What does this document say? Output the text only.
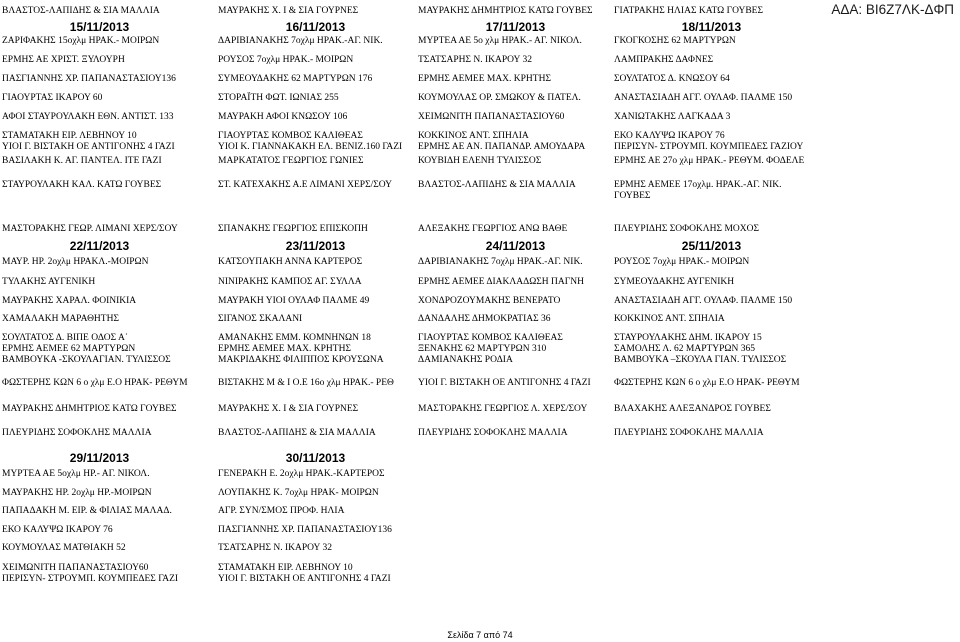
ΑΔΑ: ΒΙ6Ζ7ΛΚ-ΔΦΠ
ΒΛΑΣΤΟΣ-ΛΑΠΙΔΗΣ & ΣΙΑ ΜΑΛΛΙΑ
15/11/2013
ΖΑΡΙΦΑΚΗΣ 15οχλμ ΗΡΑΚ.- ΜΟΙΡΩΝ
ΕΡΜΗΣ ΑΕ ΧΡΙΣΤ. ΞΥΛΟΥΡΗ
ΠΑΣΓΙΑΝΝΗΣ ΧΡ. ΠΑΠΑΝΑΣΤΑΣΙΟΥ136
ΓΙΑΟΥΡΤΑΣ ΙΚΑΡΟΥ 60
ΑΦΟΙ ΣΤΑΥΡΟΥΛΑΚΗ ΕΘΝ. ΑΝΤΙΣΤ. 133
ΣΤΑΜΑΤΑΚΗ ΕΙΡ. ΛΕΒΗΝΟΥ 10
ΥΙΟΙ Γ. ΒΙΣΤΑΚΗ ΟΕ ΑΝΤΙΓΟΝΗΣ 4 ΓΑΖΙ
ΒΑΣΙΛΑΚΗ Κ. ΑΓ. ΠΑΝΤΕΛ. ΙΤΕ ΓΑΖΙ
ΣΤΑΥΡΟΥΛΑΚΗ ΚΑΛ. ΚΑΤΩ ΓΟΥΒΕΣ
ΜΑΥΡΑΚΗΣ Χ. Ι & ΣΙΑ ΓΟΥΡΝΕΣ
16/11/2013
ΔΑΡΙΒΙΑΝΑΚΗΣ 7οχλμ ΗΡΑΚ.-ΑΓ. ΝΙΚ.
ΡΟΥΣΟΣ 7οχλμ ΗΡΑΚ.- ΜΟΙΡΩΝ
ΣΥΜΕΟΥΔΑΚΗΣ 62 ΜΑΡΤΥΡΩΝ 176
ΣΤΟΡΑΪΤΗ ΦΩΤ. ΙΩΝΙΑΣ 255
ΜΑΥΡΑΚΗ ΑΦΟΙ ΚΝΩΣΟΥ 106
ΓΙΑΟΥΡΤΑΣ ΚΟΜΒΟΣ ΚΑΛΙΘΕΑΣ
ΥΙΟΙ Κ. ΓΙΑΝΝΑΚΑΚΗ ΕΛ. ΒΕΝΙΖ.160 ΓΑΖΙ
ΜΑΡΚΑΤΑΤΟΣ ΓΕΩΡΓΙΟΣ ΓΩΝΙΕΣ
ΣΤ. ΚΑΤΕΧΑΚΗΣ Α.Ε ΛΙΜΑΝΙ ΧΕΡΣ/ΣΟΥ
ΜΑΥΡΑΚΗΣ ΔΗΜΗΤΡΙΟΣ ΚΑΤΩ ΓΟΥΒΕΣ
17/11/2013
ΜΥΡΤΕΑ ΑΕ 5ο χλμ ΗΡΑΚ.- ΑΓ. ΝΙΚΟΛ.
ΤΣΑΤΣΑΡΗΣ Ν. ΙΚΑΡΟΥ 32
ΕΡΜΗΣ ΑΕΜΕΕ ΜΑΧ. ΚΡΗΤΗΣ
ΚΟΥΜΟΥΛΑΣ ΟΡ. ΣΜΩΚΟΥ & ΠΑΤΕΛ.
ΧΕΙΜΩΝΙΤΗ ΠΑΠΑΝΑΣΤΑΣΙΟΥ60
ΚΟΚΚΙΝΟΣ ΑΝΤ. ΣΠΗΛΙΑ
ΕΡΜΗΣ ΑΕ ΑΝ. ΠΑΠΑΝΔΡ. ΑΜΟΥΔΑΡΑ
ΚΟΥΒΙΔΗ ΕΛΕΝΗ ΤΥΛΙΣΣΟΣ
ΒΛΑΣΤΟΣ-ΛΑΠΙΔΗΣ & ΣΙΑ ΜΑΛΛΙΑ
ΓΙΑΤΡΑΚΗΣ ΗΛΙΑΣ ΚΑΤΩ ΓΟΥΒΕΣ
18/11/2013
ΓΚΟΓΚΟΣΗΣ 62 ΜΑΡΤΥΡΩΝ
ΛΑΜΠΡΑΚΗΣ ΔΑΦΝΕΣ
ΣΟΥΛΤΑΤΟΣ Δ. ΚΝΩΣΟΥ 64
ΑΝΑΣΤΑΣΙΑΔΗ ΑΓΓ. ΟΥΛΑΦ. ΠΑΛΜΕ 150
ΧΑΝΙΩΤΑΚΗΣ ΛΑΓΚΑΔΑ 3
ΕΚΟ ΚΑΛΥΨΩ ΙΚΑΡΟΥ 76
ΠΕΡΙΣΥΝ- ΣΤΡΟΥΜΠ. ΚΟΥΜΠΕΔΕΣ ΓΑΖΙΟΥ
ΕΡΜΗΣ ΑΕ 27ο χλμ ΗΡΑΚ.- ΡΕΘΥΜ. ΦΟΔΕΛΕ
ΕΡΜΗΣ ΑΕΜΕΕ 17οχλμ. ΗΡΑΚ.-ΑΓ. ΝΙΚ.
ΓΟΥΒΕΣ
ΜΑΣΤΟΡΑΚΗΣ ΓΕΩΡ. ΛΙΜΑΝΙ ΧΕΡΣ/ΣΟΥ
22/11/2013
ΜΑΥΡ. ΗΡ. 2οχλμ ΗΡΑΚΛ.-ΜΟΙΡΩΝ
ΤΥΛΑΚΗΣ ΑΥΓΕΝΙΚΗ
ΜΑΥΡΑΚΗΣ ΧΑΡΑΛ. ΦΟΙΝΙΚΙΑ
ΧΑΜΑΛΑΚΗ ΜΑΡΑΘΗΤΗΣ
ΣΟΥΛΤΑΤΟΣ Δ. ΒΙΠΕ ΟΔΟΣ Α΄
ΕΡΜΗΣ ΑΕΜΕΕ 62 ΜΑΡΤΥΡΩΝ
ΒΑΜΒΟΥΚΑ -ΣΚΟΥΛΑΓΙΑΝ. ΤΥΛΙΣΣΟΣ
ΦΩΣΤΕΡΗΣ ΚΩΝ 6 ο χλμ Ε.Ο ΗΡΑΚ- ΡΕΘΥΜ
ΜΑΥΡΑΚΗΣ ΔΗΜΗΤΡΙΟΣ ΚΑΤΩ ΓΟΥΒΕΣ
ΠΛΕΥΡΙΔΗΣ ΣΟΦΟΚΛΗΣ ΜΑΛΛΙΑ
ΣΠΑΝΑΚΗΣ ΓΕΩΡΓΙΟΣ ΕΠΙΣΚΟΠΗ
23/11/2013
ΚΑΤΣΟΥΠΑΚΗ ΑΝΝΑ ΚΑΡΤΕΡΟΣ
ΝΙΝΙΡΑΚΗΣ ΚΑΜΠΟΣ ΑΓ. ΣΥΛΛΑ
ΜΑΥΡΑΚΗ ΥΙΟΙ ΟΥΛΑΦ ΠΑΛΜΕ 49
ΣΙΓΑΝΟΣ ΣΚΑΛΑΝΙ
ΑΜΑΝΑΚΗΣ ΕΜΜ. ΚΟΜΝΗΝΩΝ 18
ΕΡΜΗΣ ΑΕΜΕΕ ΜΑΧ. ΚΡΗΤΗΣ
ΜΑΚΡΙΔΑΚΗΣ ΦΙΛΙΠΠΟΣ ΚΡΟΥΣΩΝΑ
ΒΙΣΤΑΚΗΣ Μ & Ι Ο.Ε 16ο χλμ ΗΡΑΚ.- ΡΕΘ
ΜΑΥΡΑΚΗΣ Χ. Ι & ΣΙΑ ΓΟΥΡΝΕΣ
ΒΛΑΣΤΟΣ-ΛΑΠΙΔΗΣ & ΣΙΑ ΜΑΛΛΙΑ
ΑΛΕΞΑΚΗΣ ΓΕΩΡΓΙΟΣ ΑΝΩ ΒΑΘΕ
24/11/2013
ΔΑΡΙΒΙΑΝΑΚΗΣ 7οχλμ ΗΡΑΚ.-ΑΓ. ΝΙΚ.
ΕΡΜΗΣ ΑΕΜΕΕ ΔΙΑΚΛΑΔΩΣΗ ΠΑΓΝΗ
ΧΟΝΔΡΟΖΟΥΜΑΚΗΣ ΒΕΝΕΡΑΤΟ
ΔΑΝΔΑΛΗΣ ΔΗΜΟΚΡΑΤΙΑΣ 36
ΓΙΑΟΥΡΤΑΣ ΚΟΜΒΟΣ ΚΑΛΙΘΕΑΣ
ΞΕΝΑΚΗΣ 62 ΜΑΡΤΥΡΩΝ 310
ΔΑΜΙΑΝΑΚΗΣ ΡΟΔΙΑ
ΥΙΟΙ Γ. ΒΙΣΤΑΚΗ ΟΕ ΑΝΤΙΓΟΝΗΣ 4 ΓΑΖΙ
ΜΑΣΤΟΡΑΚΗΣ ΓΕΩΡΓΙΟΣ Λ. ΧΕΡΣ/ΣΟΥ
ΠΛΕΥΡΙΔΗΣ ΣΟΦΟΚΛΗΣ ΜΑΛΛΙΑ
ΠΛΕΥΡΙΔΗΣ ΣΟΦΟΚΛΗΣ ΜΟΧΟΣ
25/11/2013
ΡΟΥΣΟΣ 7οχλμ ΗΡΑΚ.- ΜΟΙΡΩΝ
ΣΥΜΕΟΥΔΑΚΗΣ ΑΥΓΕΝΙΚΗ
ΑΝΑΣΤΑΣΙΑΔΗ ΑΓΓ. ΟΥΛΑΦ. ΠΑΛΜΕ 150
ΚΟΚΚΙΝΟΣ ΑΝΤ. ΣΠΗΛΙΑ
ΣΤΑΥΡΟΥΛΑΚΗΣ ΔΗΜ. ΙΚΑΡΟΥ 15
ΣΑΜΟΛΗΣ Λ. 62 ΜΑΡΤΥΡΩΝ 365
ΒΑΜΒΟΥΚΑ –ΣΚΟΥΛΑ ΓΙΑΝ. ΤΥΛΙΣΣΟΣ
ΦΩΣΤΕΡΗΣ ΚΩΝ 6 ο χλμ Ε.Ο ΗΡΑΚ- ΡΕΘΥΜ
ΒΛΑΧΑΚΗΣ ΑΛΕΞΑΝΔΡΟΣ ΓΟΥΒΕΣ
ΠΛΕΥΡΙΔΗΣ ΣΟΦΟΚΛΗΣ ΜΑΛΛΙΑ
29/11/2013
ΜΥΡΤΕΑ ΑΕ 5οχλμ ΗΡ.- ΑΓ. ΝΙΚΟΛ.
ΜΑΥΡΑΚΗΣ ΗΡ. 2οχλμ ΗΡ.-ΜΟΙΡΩΝ
ΠΑΠΑΔΑΚΗ Μ. ΕΙΡ. & ΦΙΛΙΑΣ ΜΑΛΑΔ.
ΕΚΟ ΚΑΛΥΨΩ ΙΚΑΡΟΥ 76
ΚΟΥΜΟΥΛΑΣ ΜΑΤΘΙΑΚΗ 52
ΧΕΙΜΩΝΙΤΗ ΠΑΠΑΝΑΣΤΑΣΙΟΥ60
ΠΕΡΙΣΥΝ- ΣΤΡΟΥΜΠ. ΚΟΥΜΠΕΔΕΣ ΓΑΖΙ
30/11/2013
ΓΕΝΕΡΑΚΗ Ε. 2οχλμ ΗΡΑΚ.-ΚΑΡΤΕΡΟΣ
ΛΟΥΠΑΚΗΣ Κ. 7οχλμ ΗΡΑΚ- ΜΟΙΡΩΝ
ΑΓΡ. ΣΥΝ/ΣΜΟΣ ΠΡΟΦ. ΗΛΙΑ
ΠΑΣΓΙΑΝΝΗΣ ΧΡ. ΠΑΠΑΝΑΣΤΑΣΙΟΥ136
ΤΣΑΤΣΑΡΗΣ Ν. ΙΚΑΡΟΥ 32
ΣΤΑΜΑΤΑΚΗ ΕΙΡ. ΛΕΒΗΝΟΥ 10
ΥΙΟΙ Γ. ΒΙΣΤΑΚΗ ΟΕ ΑΝΤΙΓΟΝΗΣ 4 ΓΑΖΙ
Σελίδα 7 από 74
